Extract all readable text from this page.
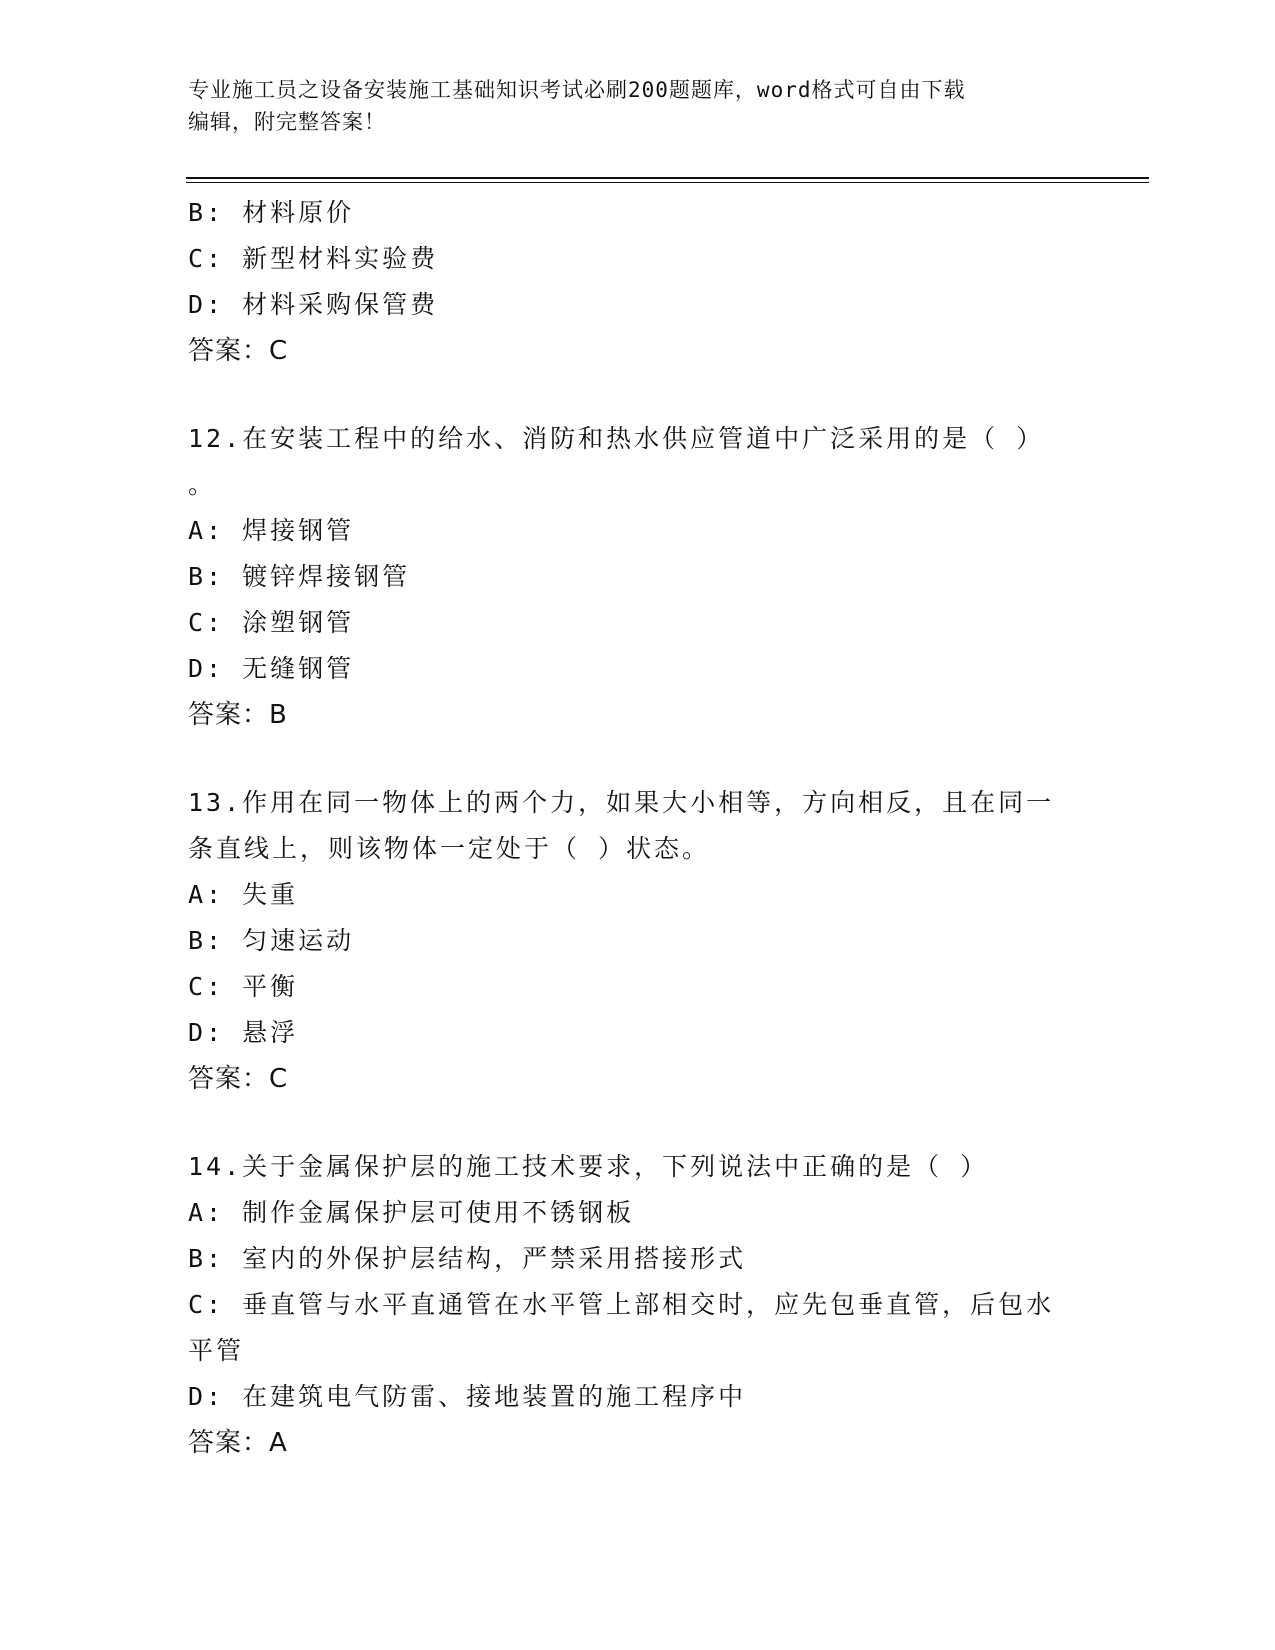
专业施工员之设备安装施工基础知识考试必刷200题题库，word格式可自由下载
编辑，附完整答案！
B: 材料原价
C: 新型材料实验费
D: 材料采购保管费
答案：C
12.在安装工程中的给水、消防和热水供应管道中广泛采用的是（ ）
。
A: 焊接钢管
B: 镀锌焊接钢管
C: 涂塑钢管
D: 无缝钢管
答案：B
13.作用在同一物体上的两个力，如果大小相等，方向相反，且在同一
条直线上，则该物体一定处于（ ）状态。
A: 失重
B: 匀速运动
C: 平衡
D: 悬浮
答案：C
14.关于金属保护层的施工技术要求，下列说法中正确的是（ ）
A: 制作金属保护层可使用不锈钢板
B: 室内的外保护层结构，严禁采用搭接形式
C: 垂直管与水平直通管在水平管上部相交时，应先包垂直管，后包水
平管
D: 在建筑电气防雷、接地装置的施工程序中
答案：A
